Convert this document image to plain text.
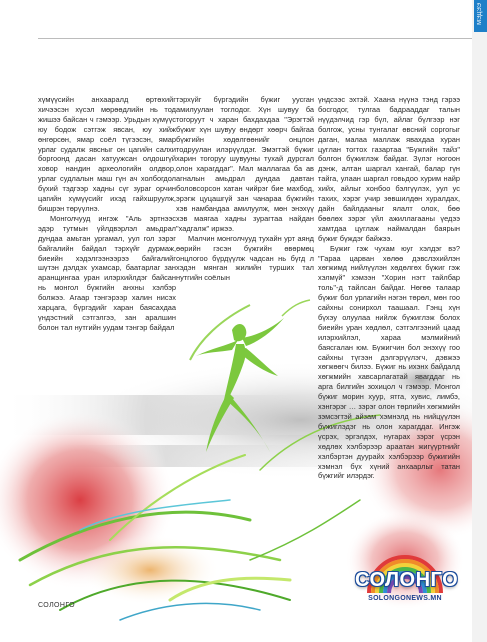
МЭДЭЭ

хүмүүсийн анхааралд өртөхийг хичээсэн хүсэл мөрөөдлийн нь тод жишээ байсан ч гэмээр. Урьдын хүмүүс юу бодож сэтгэж явсан, юу хийж өнгөрсөн, ямар соёл түгээсэн, ямар урлаг судалж явсныг он цагийн салхи боргоонд дасан хатуужсан олдошгүй ховор нандин археологийн олдвор, урлаг судлалын маш гүн ач холбогдол бүхий тэдгээр хадны сүг зураг орчин цагийн хүмүүсийг ихэд гайхшруулж, бишрэн төрүүлнэ.

Монголчууд ингэж "Аль эртнээс эдэр тутмын үйлдвэрлэл амьдрал дундаа амьтан ургамал, уул гол зэрэг байгалийн байдал тэрхүйг дурмаж, биеийн хэдэлгээнээрээ байгалийг шүтэн дэлдэх ухамсар, баатарлаг зан аранщингаа уран илэрхийлдэг байсан нь монгол бүжгийн анхны хэлбэр болжээ. Агаар тэнгэрээр халин нисэх харцага, бүргэдийг харан баясахдаа үндэстний сэтгэлгээ, зан аралшин болон тал нутгийн уудам тэнгэр байдал

тэрхүйг бүргэдийн бүжиг уусган амилуулан тоглодог. Хүн шувуу ба тогоруут ч харан бахдахдаа "Эрэгтэй бүжиг хүн шувуу өндөрт хөөрч байгаа бүжгийн хөдөлгөөнийг онцлон тодруулан илэрүүлдэг. Эмэгтэй бүжиг харин тогоруу шувууны тухай дурсгал олон харагддаг". Мал маллагаа ба ав агналын амьдрал дундаа давтан боловсорсон хатан чийрэг бие махбод, эрэгж цуцашгүй зан чанараа бүжгийн хэв намбандаа амилуулж, мөн энэхүү хэв маягаа хадны зурагтаа найдан "хадгалж" иржээ.

Малчин монголчууд тухайн урт аянд өөрийн гэсэн бүжгийн өвөрмөц онцлогоо бүрдүүлж чадсан нь бүгд л хэдэн мянган жилийн турших тал нутгийн соёлын

үндсээс эхтэй. Хаана нүүнэ тэнд гэрээ босгодог, тулгаа бадрааддаг талын нүүдэлчид гэр бүл, айлаг бүлгээр нэг болгож, усны тунгалаг өвсний соргогыг даган, малаа маллаж явахдаа хуран цуглан тогтох газартаа "Бүжгийн тайз" болгон бүжиглэж байдаг. Зүлэг ногоон дэнж, алтан шаргал хангай, балар гүн тайга, улаан шаргал говьдоо хурим найр хийх, айлыг хонбоо бэлгүүлэх, уул ус тахих, хэрэг учир зөвшилдөн хуралдах, дайн байлдааныг ялалт олох, бөө бөөлөх зэрэг үйл ажиллагааны үедээ хамтдаа цуглаж наймалдан баярын бүжиг бүждэг байжээ.

Бүжиг гэж чухам юуг хэлдэг вэ? "Гараа царван хөлөө дэвслэхийлэн хөгжимд нийлүүлэн хөдөлгөх бүжиг гэж хэлмүй" хэмээн "Хорин нэгт тайлбар толь"-д тайлсан байдаг. Нөгөө талаар бүжиг бол урлагийн нэгэн төрөл, мөн гоо сайхны сонирхол таашаал. Гэнц хүн бүхэу олуулаа нийлж бүжиглэж болох биеийн уран хөдлөл, сэтгэлгээний цаад илэрхийлэл, хараа мэлмийний баясгалан юм. Бүжигчин бол энэхүү гоо сайхны түгээн дэлгэрүүлэгч, дэвжээ хөгжөөгч билээ. Бүжиг нь ихэнх байдалд хөгжмийн хавсарлагатай явагддаг нь арга билгийн зохицол ч гэмээр. Монгол бүжиг морин хуур, ятга, хувис, лимбэ, хэнгэрэг … зэрэг олон төрлийн хөгжмийн зэмсэгтэй айзам хэмнэлд нь нийцүүлэн бүжиглэдэг нь олон харагддаг. Ингэж үсрэх, эргэлдэх, нугарах зэрэг үсрэн хөдлөх хэлбэрээр араатан жигүүртнийг хэлбэртэн дуурайх хэлбэрээр бүжигийн хэмнэл бүх хүний анхаарлыг татан бүжгийг илэрдэг.

СОЛОНГО
СОЛОНГО
SOLONGONEWS.MN
